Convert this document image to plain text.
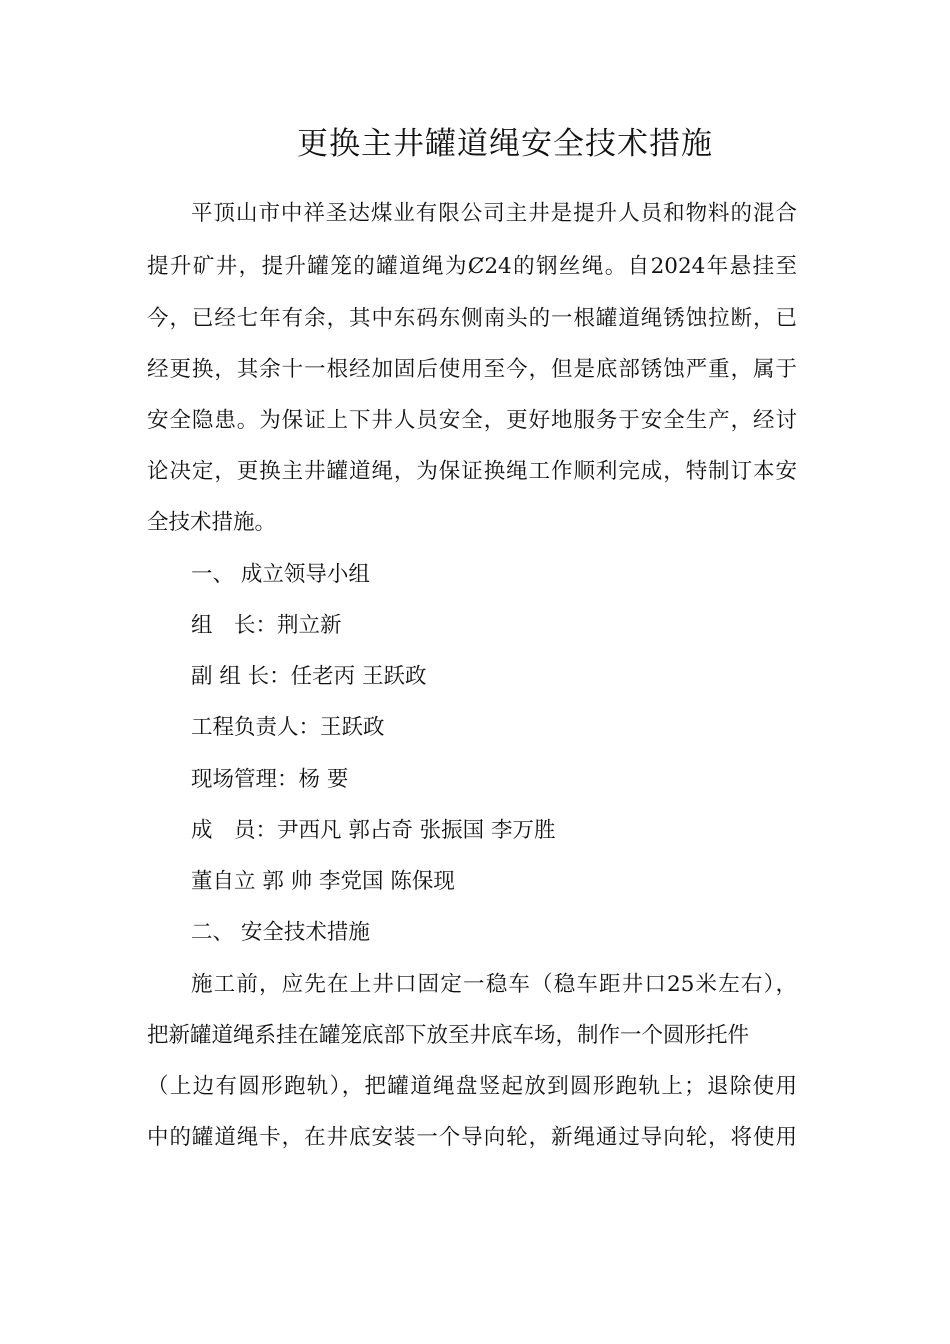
更换主井罐道绳安全技术措施
平顶山市中祥圣达煤业有限公司主井是提升人员和物料的混合
提升矿井，提升罐笼的罐道绳为Ȼ24的钢丝绳。自2024年悬挂至
今，已经七年有余，其中东码东侧南头的一根罐道绳锈蚀拉断，已
经更换，其余十一根经加固后使用至今，但是底部锈蚀严重，属于
安全隐患。为保证上下井人员安全，更好地服务于安全生产，经讨
论决定，更换主井罐道绳，为保证换绳工作顺利完成，特制订本安
全技术措施。
一、 成立领导小组
组　长：荆立新
副 组 长：任老丙 王跃政
工程负责人：王跃政
现场管理：杨 要
成　员：尹西凡 郭占奇 张振国 李万胜
董自立 郭 帅 李党国 陈保现
二、 安全技术措施
施工前，应先在上井口固定一稳车（稳车距井口25米左右），
把新罐道绳系挂在罐笼底部下放至井底车场，制作一个圆形托件
（上边有圆形跑轨），把罐道绳盘竖起放到圆形跑轨上；退除使用
中的罐道绳卡，在井底安装一个导向轮，新绳通过导向轮，将使用
